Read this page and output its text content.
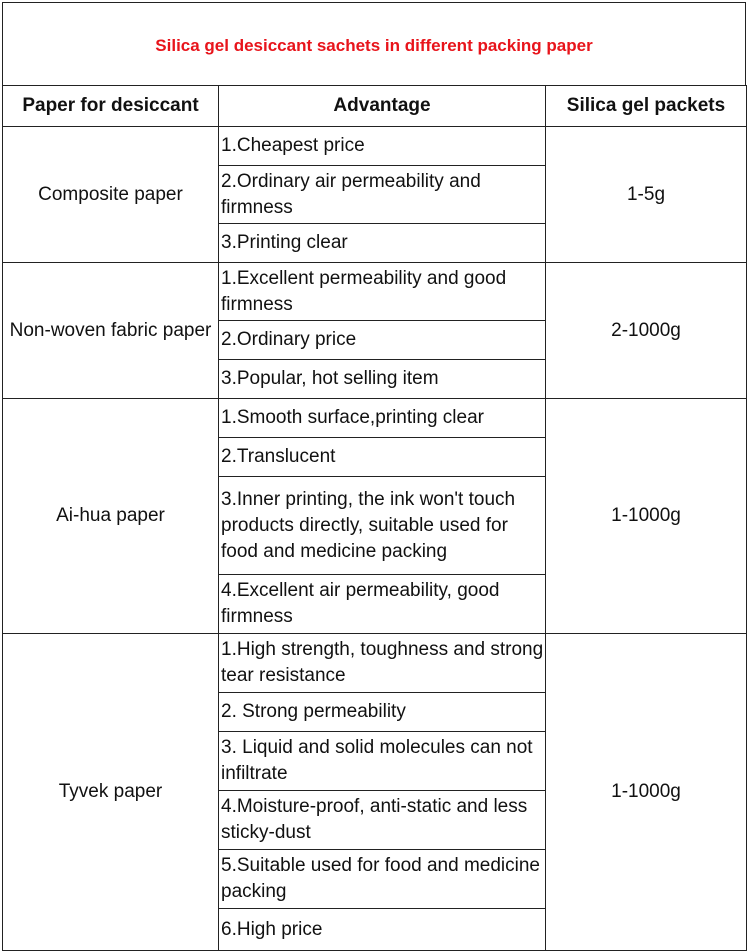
Silica gel desiccant sachets in different packing paper
Paper for desiccant	Advantage	Silica gel packets
Composite paper	1.Cheapest price	1-5g
	2.Ordinary air permeability and firmness	
	3.Printing clear	
Non-woven fabric paper	1.Excellent permeability and good firmness	2-1000g
	2.Ordinary price	
	3.Popular, hot selling item	
Ai-hua paper	1.Smooth surface,printing clear	1-1000g
	2.Translucent	
	3.Inner printing, the ink won't touch products directly, suitable used for food and medicine packing	
	4.Excellent air permeability, good firmness	
Tyvek paper	1.High strength, toughness and strong tear resistance	1-1000g
	2. Strong permeability	
	3. Liquid and solid molecules can not infiltrate	
	4.Moisture-proof, anti-static and less sticky-dust	
	5.Suitable used for food and medicine packing	
	6.High price	
